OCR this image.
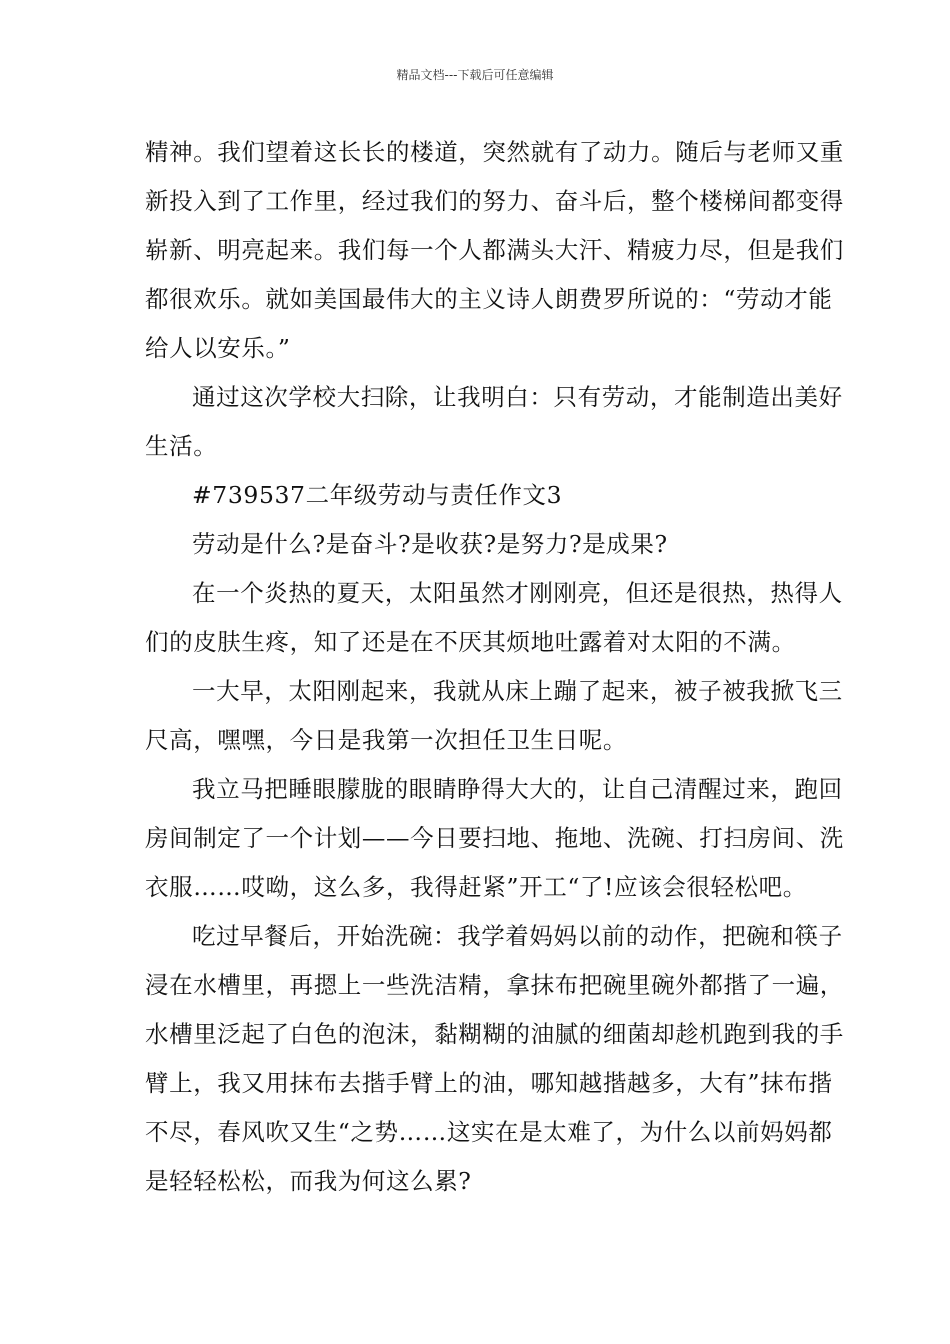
精品文档---下载后可任意编辑
精神。我们望着这长长的楼道，突然就有了动力。随后与老师又重
新投入到了工作里，经过我们的努力、奋斗后，整个楼梯间都变得
崭新、明亮起来。我们每一个人都满头大汗、精疲力尽，但是我们
都很欢乐。就如美国最伟大的主义诗人朗费罗所说的：“劳动才能
给人以安乐。”
通过这次学校大扫除，让我明白：只有劳动，才能制造出美好
生活。
#739537二年级劳动与责任作文3
劳动是什么?是奋斗?是收获?是努力?是成果?
在一个炎热的夏天，太阳虽然才刚刚亮，但还是很热，热得人
们的皮肤生疼，知了还是在不厌其烦地吐露着对太阳的不满。
一大早，太阳刚起来，我就从床上蹦了起来，被子被我掀飞三
尺高，嘿嘿，今日是我第一次担任卫生日呢。
我立马把睡眼朦胧的眼睛睁得大大的，让自己清醒过来，跑回
房间制定了一个计划——今日要扫地、拖地、洗碗、打扫房间、洗
衣服……哎呦，这么多，我得赶紧”开工“了!应该会很轻松吧。
吃过早餐后，开始洗碗：我学着妈妈以前的动作，把碗和筷子
浸在水槽里，再摁上一些洗洁精，拿抹布把碗里碗外都揩了一遍，
水槽里泛起了白色的泡沫，黏糊糊的油腻的细菌却趁机跑到我的手
臂上，我又用抹布去揩手臂上的油，哪知越揩越多，大有”抹布揩
不尽，春风吹又生“之势……这实在是太难了，为什么以前妈妈都
是轻轻松松，而我为何这么累?
